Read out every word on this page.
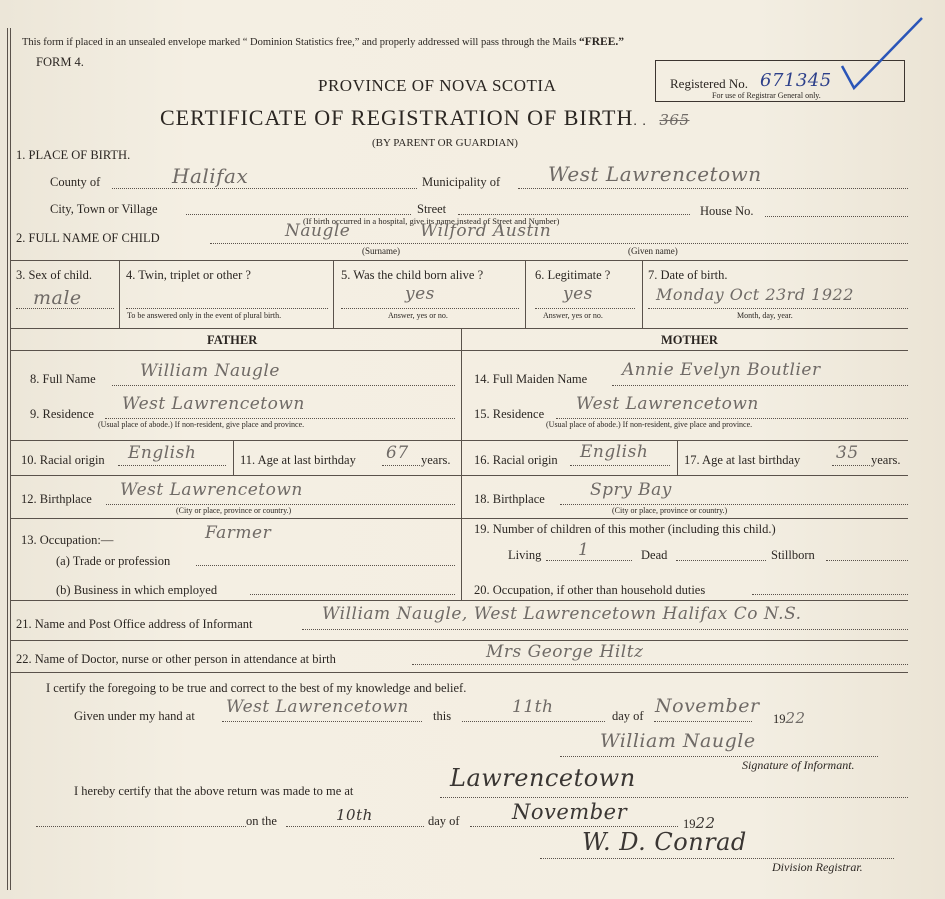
This form if placed in an unsealed envelope marked “ Dominion Statistics free,” and properly addressed will pass through the Mails “FREE.”
FORM 4.
PROVINCE OF NOVA SCOTIA
CERTIFICATE OF REGISTRATION OF BIRTH. . 365
(BY PARENT OR GUARDIAN)
Registered No. 671345
For use of Registrar General only.
1. PLACE OF BIRTH.
County of	Halifax	Municipality of West Lawrencetown
City, Town or Village	Street	House No.
(If birth occurred in a hospital, give its name instead of Street and Number)
2. FULL NAME OF CHILD	Naugle	Wilford Austin
(Surname)	(Given name)
3. Sex of child.
male
4. Twin, triplet or other ?
To be answered only in the event of plural birth.
5. Was the child born alive ?
yes
Answer, yes or no.
6. Legitimate ?
yes
Answer, yes or no.
7. Date of birth.
Monday Oct 23rd 1922
Month, day, year.
FATHER	MOTHER
8. Full Name	William Naugle
9. Residence West Lawrencetown
(Usual place of abode.) If non-resident, give place and province.
10. Racial origin English	11. Age at last birthday 67 years.
12. Birthplace West Lawrencetown
(City or place, province or country.)
13. Occupation:—	Farmer
(a) Trade or profession
(b) Business in which employed
14. Full Maiden Name Annie Evelyn Boutlier
15. Residence West Lawrencetown
(Usual place of abode.) If non-resident, give place and province.
16. Racial origin English	17. Age at last birthday 35 years.
18. Birthplace	Spry Bay
(City or place, province or country.)
19. Number of children of this mother (including this child.)
Living 1	Dead	Stillborn
20. Occupation, if other than household duties
21. Name and Post Office address of Informant	William Naugle, West Lawrencetown Halifax Co N.S.
22. Name of Doctor, nurse or other person in attendance at birth	Mrs George Hiltz
I certify the foregoing to be true and correct to the best of my knowledge and belief.
Given under my hand at West Lawrencetown this	11th	day of November
1922
William Naugle
Signature of Informant.
I hereby certify that the above return was made to me at	Lawrencetown
on the	10th	day of November	1922
W. D. Conrad
Division Registrar.
